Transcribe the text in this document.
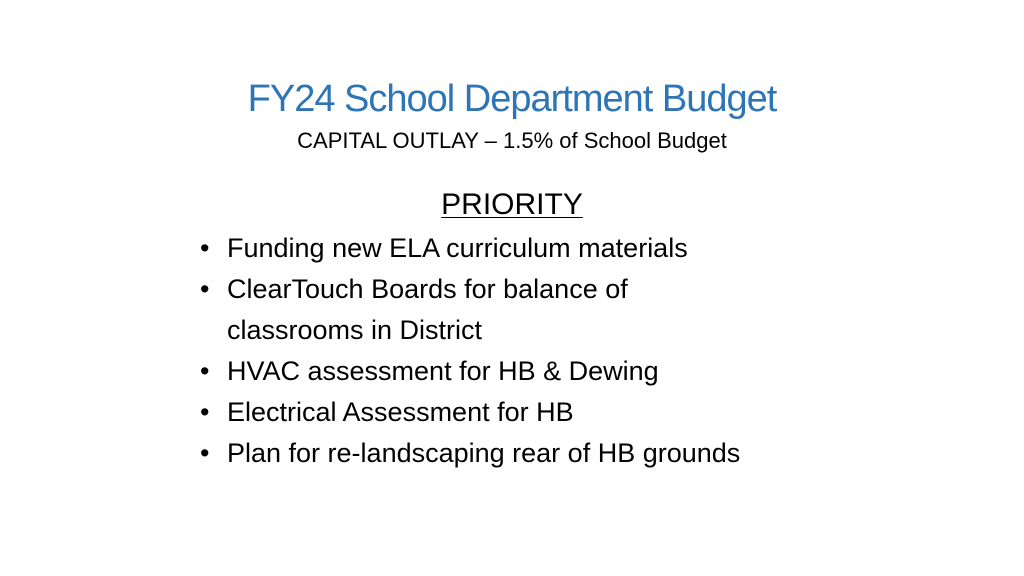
FY24 School Department Budget

CAPITAL OUTLAY – 1.5% of School Budget

PRIORITY

• Funding new ELA curriculum materials
• ClearTouch Boards for balance of classrooms in District
• HVAC assessment for HB & Dewing
• Electrical Assessment for HB
• Plan for re-landscaping rear of HB grounds
